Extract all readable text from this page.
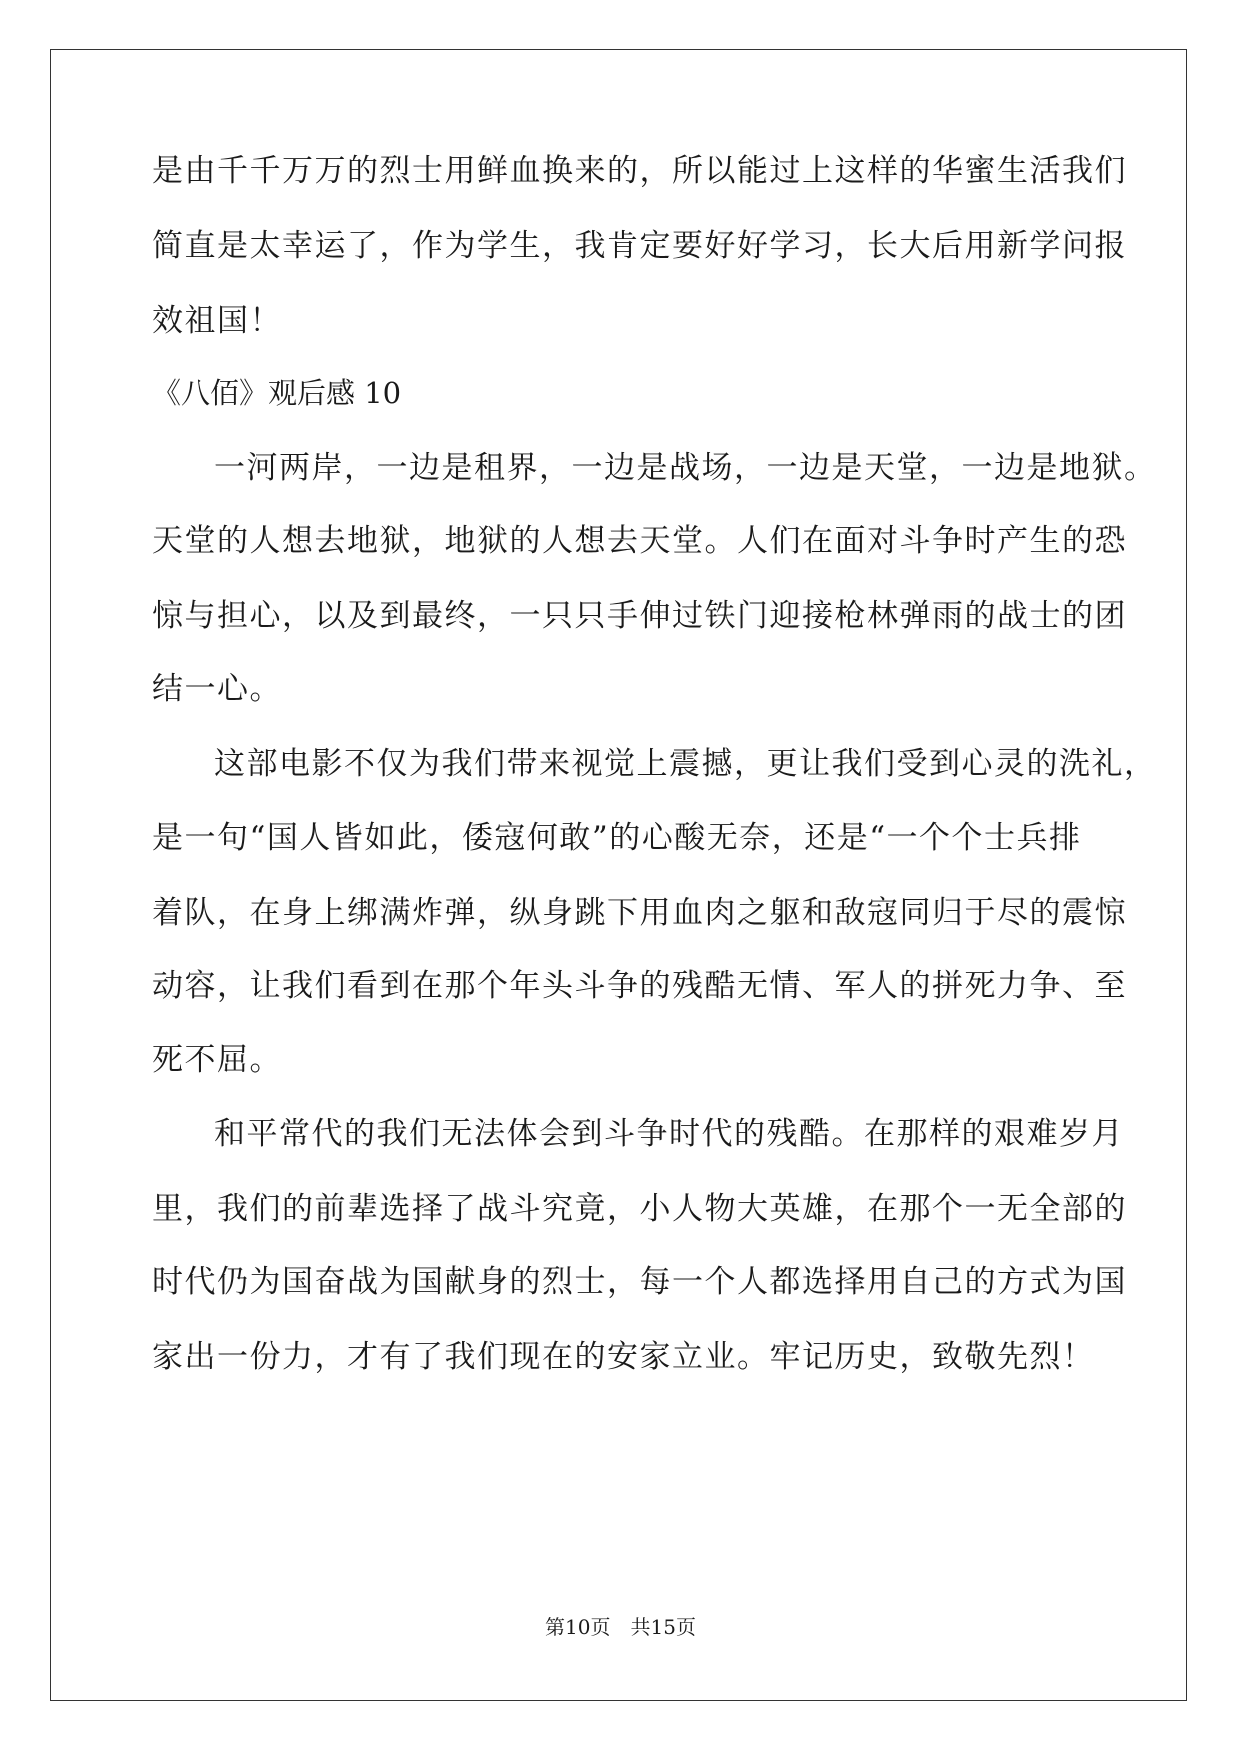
是由千千万万的烈士用鲜血换来的，所以能过上这样的华蜜生活我们
简直是太幸运了，作为学生，我肯定要好好学习，长大后用新学问报
效祖国！
《八佰》观后感 10
一河两岸，一边是租界，一边是战场，一边是天堂，一边是地狱。
天堂的人想去地狱，地狱的人想去天堂。人们在面对斗争时产生的恐
惊与担心，以及到最终，一只只手伸过铁门迎接枪林弹雨的战士的团
结一心。
这部电影不仅为我们带来视觉上震撼，更让我们受到心灵的洗礼，
是一句“国人皆如此，倭寇何敢”的心酸无奈，还是“一个个士兵排
着队，在身上绑满炸弹，纵身跳下用血肉之躯和敌寇同归于尽的震惊
动容，让我们看到在那个年头斗争的残酷无情、军人的拼死力争、至
死不屈。
和平常代的我们无法体会到斗争时代的残酷。在那样的艰难岁月
里，我们的前辈选择了战斗究竟，小人物大英雄，在那个一无全部的
时代仍为国奋战为国献身的烈士，每一个人都选择用自己的方式为国
家出一份力，才有了我们现在的安家立业。牢记历史，致敬先烈！
第10页 共15页
